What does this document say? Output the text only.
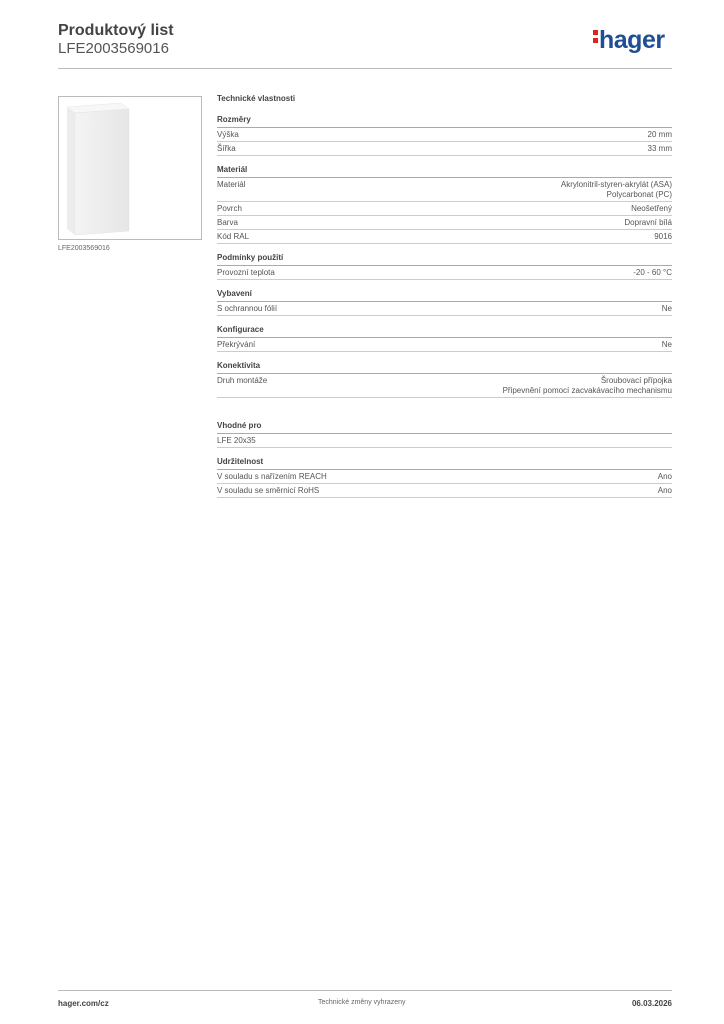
Produktový list
LFE2003569016	hager
LFE2003569016
Technické vlastnosti
Rozměry
Výška	20 mm
Šířka	33 mm
Materiál
Materiál	Akrylonitril-styren-akrylát (ASA)
Polycarbonat (PC)
Povrch	Neošetřený
Barva	Dopravní bílá
Kód RAL	9016
Podmínky použití
Provozní teplota	-20 - 60 °C
Vybavení
S ochrannou fólií	Ne
Konfigurace
Překrývání	Ne
Konektivita
Druh montáže	Šroubovací přípojka
Připevnění pomocí zacvakávacího mechanismu
Vhodné pro
LFE 20x35
Udržitelnost
V souladu s nařízením REACH	Ano
V souladu se směrnicí RoHS	Ano
hager.com/cz	Technické změny vyhrazeny	06.03.2026
